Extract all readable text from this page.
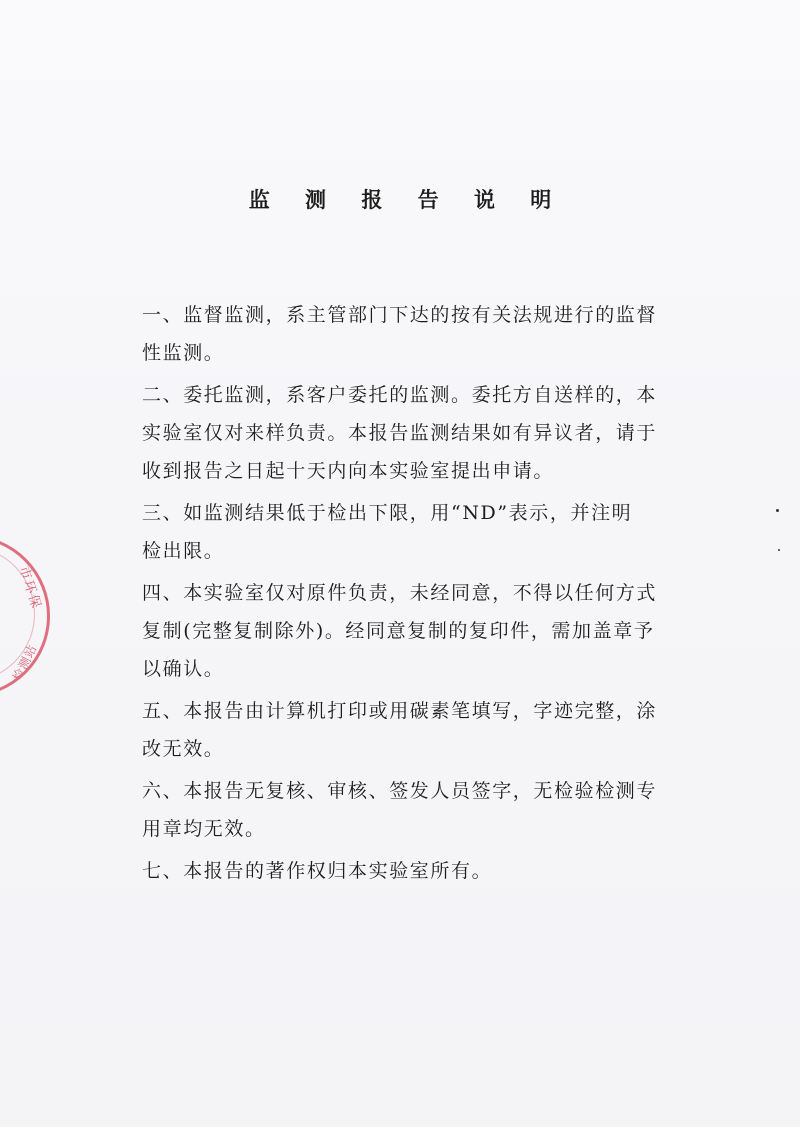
监 测 报 告 说 明
一、监督监测，系主管部门下达的按有关法规进行的监督
性监测。
二、委托监测，系客户委托的监测。委托方自送样的，本
实验室仅对来样负责。本报告监测结果如有异议者，请于
收到报告之日起十天内向本实验室提出申请。
三、如监测结果低于检出下限，用“ND”表示，并注明
检出限。
四、本实验室仅对原件负责，未经同意，不得以任何方式
复制(完整复制除外)。经同意复制的复印件，需加盖章予
以确认。
五、本报告由计算机打印或用碳素笔填写，字迹完整，涂
改无效。
六、本报告无复核、审核、签发人员签字，无检验检测专
用章均无效。
七、本报告的著作权归本实验室所有。
市环保
检测站
